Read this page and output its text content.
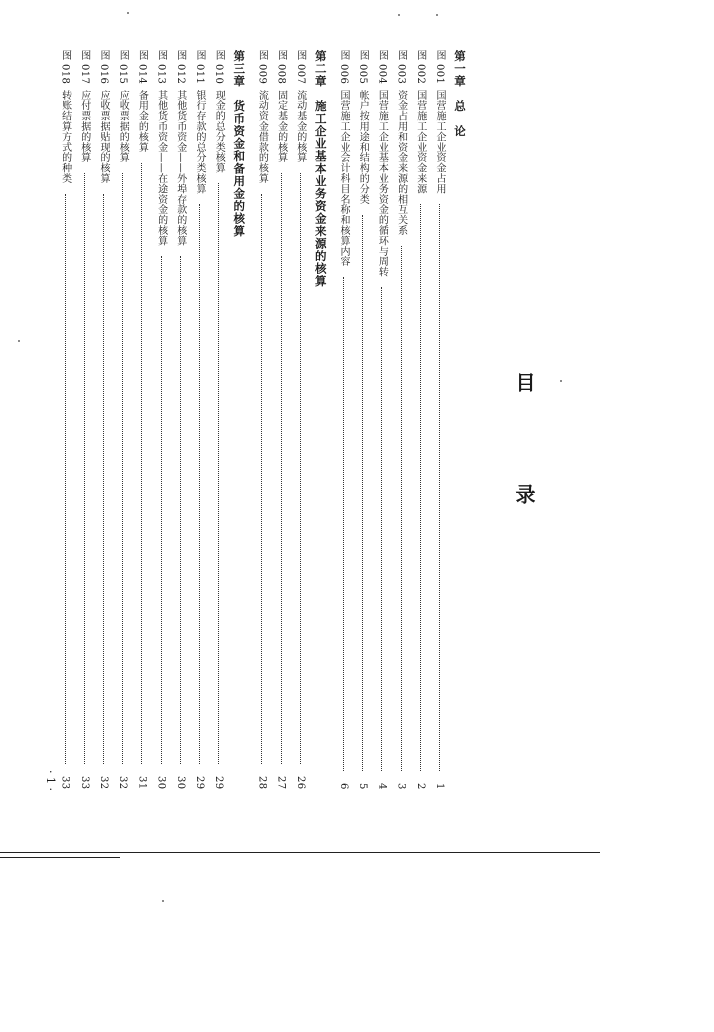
目
录
第一章　总　论
图 001
国营施工企业资金占用
1
图 002
国营施工企业资金来源
2
图 003
资金占用和资金来源的相互关系
3
图 004
国营施工企业基本业务资金的循环与周转
4
图 005
帐户按用途和结构的分类
5
图 006
国营施工企业会计科目名称和核算内容
6
第二章　施工企业基本业务资金来源的核算
图 007
流动基金的核算
26
图 008
固定基金的核算
27
图 009
流动资金借款的核算
28
第三章　货币资金和备用金的核算
图 010
现金的总分类核算
29
图 011
银行存款的总分类核算
29
图 012
其他货币资金——外埠存款的核算
30
图 013
其他货币资金——在途资金的核算
30
图 014
备用金的核算
31
图 015
应收票据的核算
32
图 016
应收票据贴现的核算
32
图 017
应付票据的核算
33
图 018
转账结算方式的种类
33
· 1 ·
